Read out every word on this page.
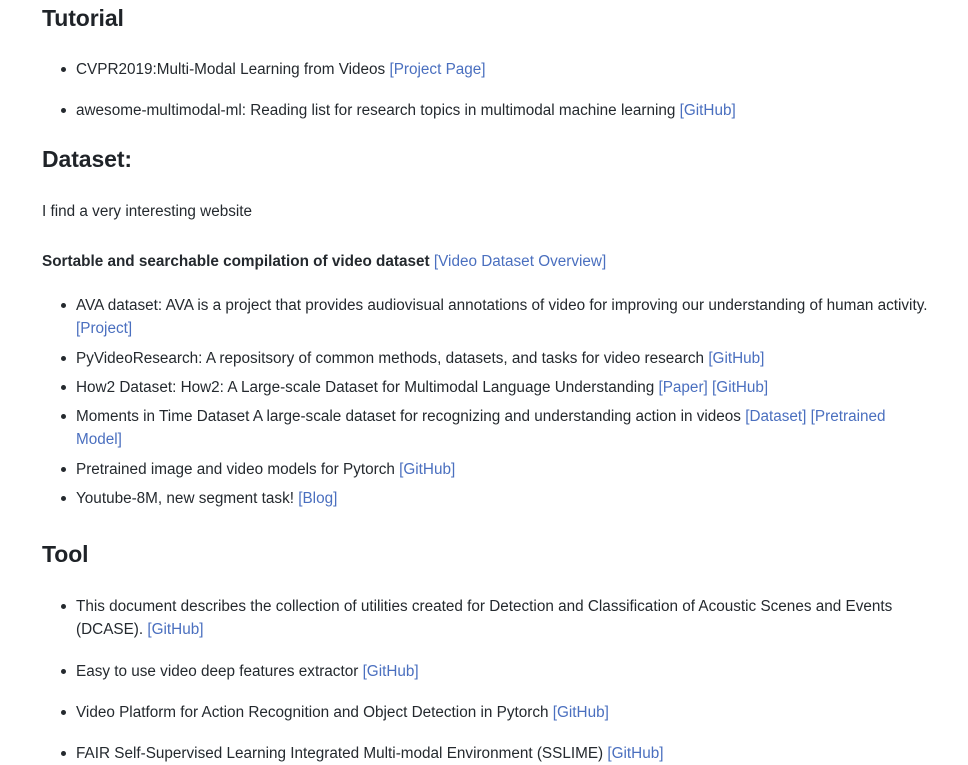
Tutorial
CVPR2019:Multi-Modal Learning from Videos [Project Page]
awesome-multimodal-ml: Reading list for research topics in multimodal machine learning [GitHub]
Dataset:

I find a very interesting website

Sortable and searchable compilation of video dataset [Video Dataset Overview]

AVA dataset: AVA is a project that provides audiovisual annotations of video for improving our understanding of human activity. [Project]
PyVideoResearch: A repositsory of common methods, datasets, and tasks for video research [GitHub]
How2 Dataset: How2: A Large-scale Dataset for Multimodal Language Understanding [Paper] [GitHub]
Moments in Time Dataset A large-scale dataset for recognizing and understanding action in videos [Dataset] [Pretrained Model]
Pretrained image and video models for Pytorch [GitHub]
Youtube-8M, new segment task! [Blog]
Tool
This document describes the collection of utilities created for Detection and Classification of Acoustic Scenes and Events (DCASE). [GitHub]
Easy to use video deep features extractor [GitHub]
Video Platform for Action Recognition and Object Detection in Pytorch [GitHub]
FAIR Self-Supervised Learning Integrated Multi-modal Environment (SSLIME) [GitHub]
